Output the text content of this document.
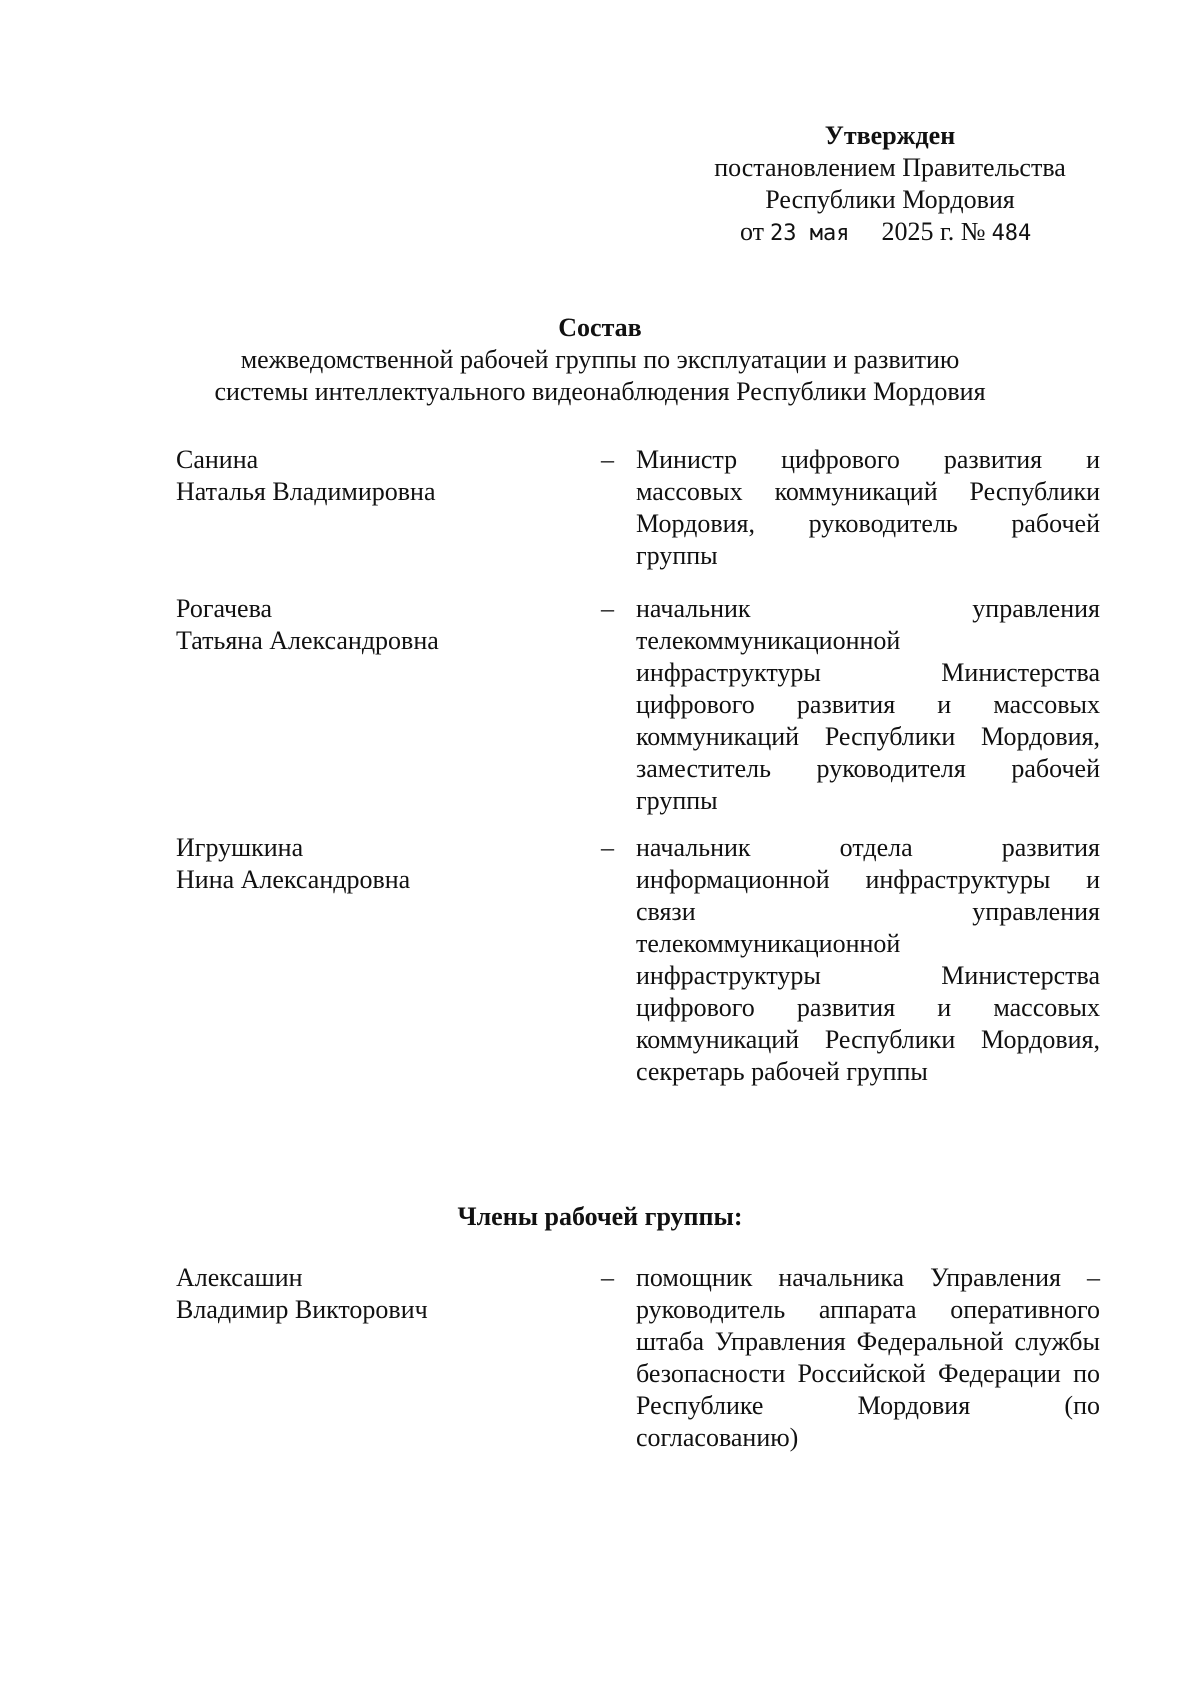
Утвержден
постановлением Правительства
Республики Мордовия
от 23 мая 2025 г. № 484
Состав
межведомственной рабочей группы по эксплуатации и развитию
системы интеллектуального видеонаблюдения Республики Мордовия
Санина
Наталья Владимировна
– Министр цифрового развития и
массовых коммуникаций Республики
Мордовия, руководитель рабочей
группы
Рогачева
Татьяна Александровна
– начальник управления
телекоммуникационной
инфраструктуры Министерства
цифрового развития и массовых
коммуникаций Республики Мордовия,
заместитель руководителя рабочей
группы
Игрушкина
Нина Александровна
– начальник отдела развития
информационной инфраструктуры и
связи управления
телекоммуникационной
инфраструктуры Министерства
цифрового развития и массовых
коммуникаций Республики Мордовия,
секретарь рабочей группы
Члены рабочей группы:
Алексашин
Владимир Викторович
– помощник начальника Управления –
руководитель аппарата оперативного
штаба Управления Федеральной службы
безопасности Российской Федерации по
Республике Мордовия (по
согласованию)
